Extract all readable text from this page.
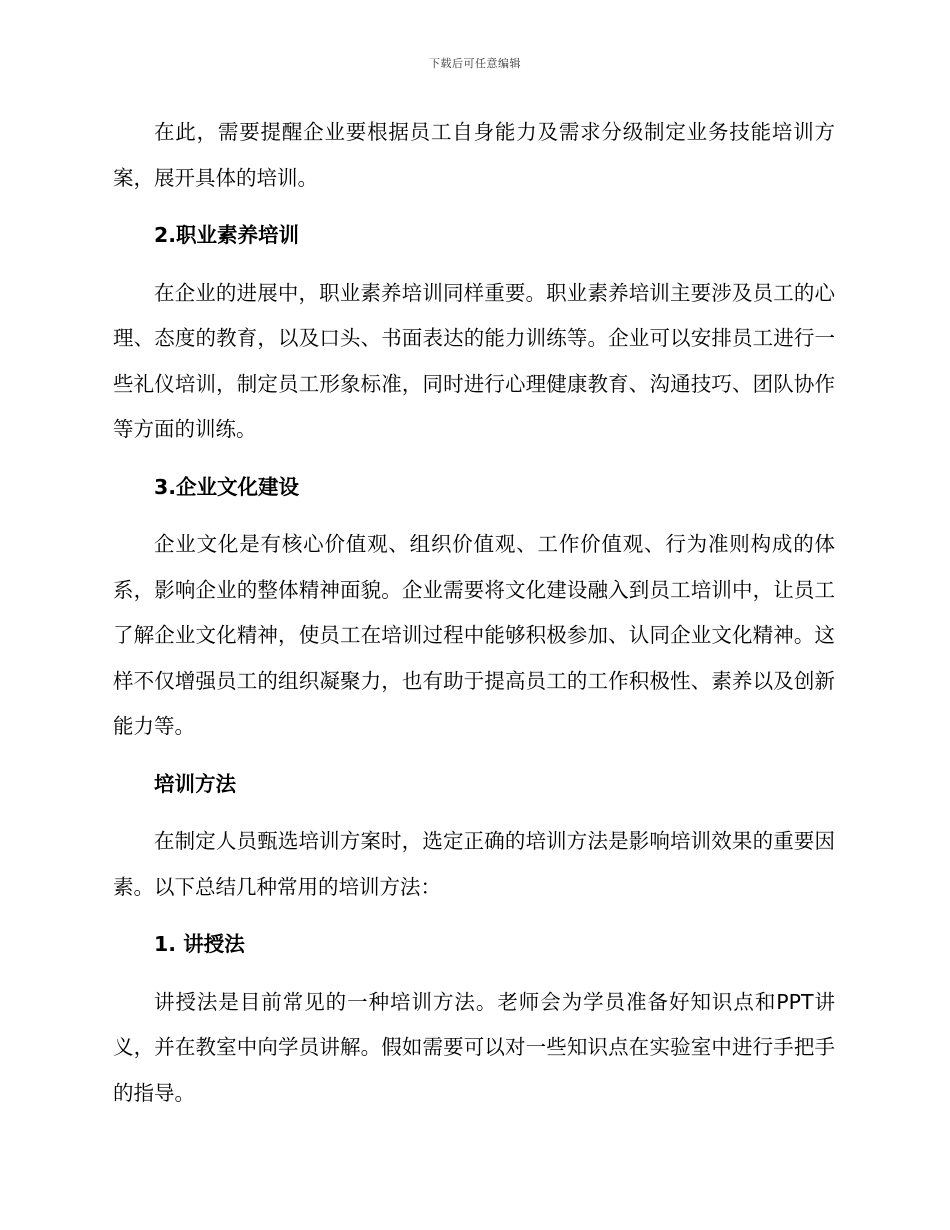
下载后可任意编辑

在此，需要提醒企业要根据员工自身能力及需求分级制定业务技能培训方案，展开具体的培训。

2.职业素养培训

在企业的进展中，职业素养培训同样重要。职业素养培训主要涉及员工的心理、态度的教育，以及口头、书面表达的能力训练等。企业可以安排员工进行一些礼仪培训，制定员工形象标准，同时进行心理健康教育、沟通技巧、团队协作等方面的训练。

3.企业文化建设

企业文化是有核心价值观、组织价值观、工作价值观、行为准则构成的体系，影响企业的整体精神面貌。企业需要将文化建设融入到员工培训中，让员工了解企业文化精神，使员工在培训过程中能够积极参加、认同企业文化精神。这样不仅增强员工的组织凝聚力，也有助于提高员工的工作积极性、素养以及创新能力等。

培训方法

在制定人员甄选培训方案时，选定正确的培训方法是影响培训效果的重要因素。以下总结几种常用的培训方法：

1. 讲授法

讲授法是目前常见的一种培训方法。老师会为学员准备好知识点和PPT讲义，并在教室中向学员讲解。假如需要可以对一些知识点在实验室中进行手把手的指导。
